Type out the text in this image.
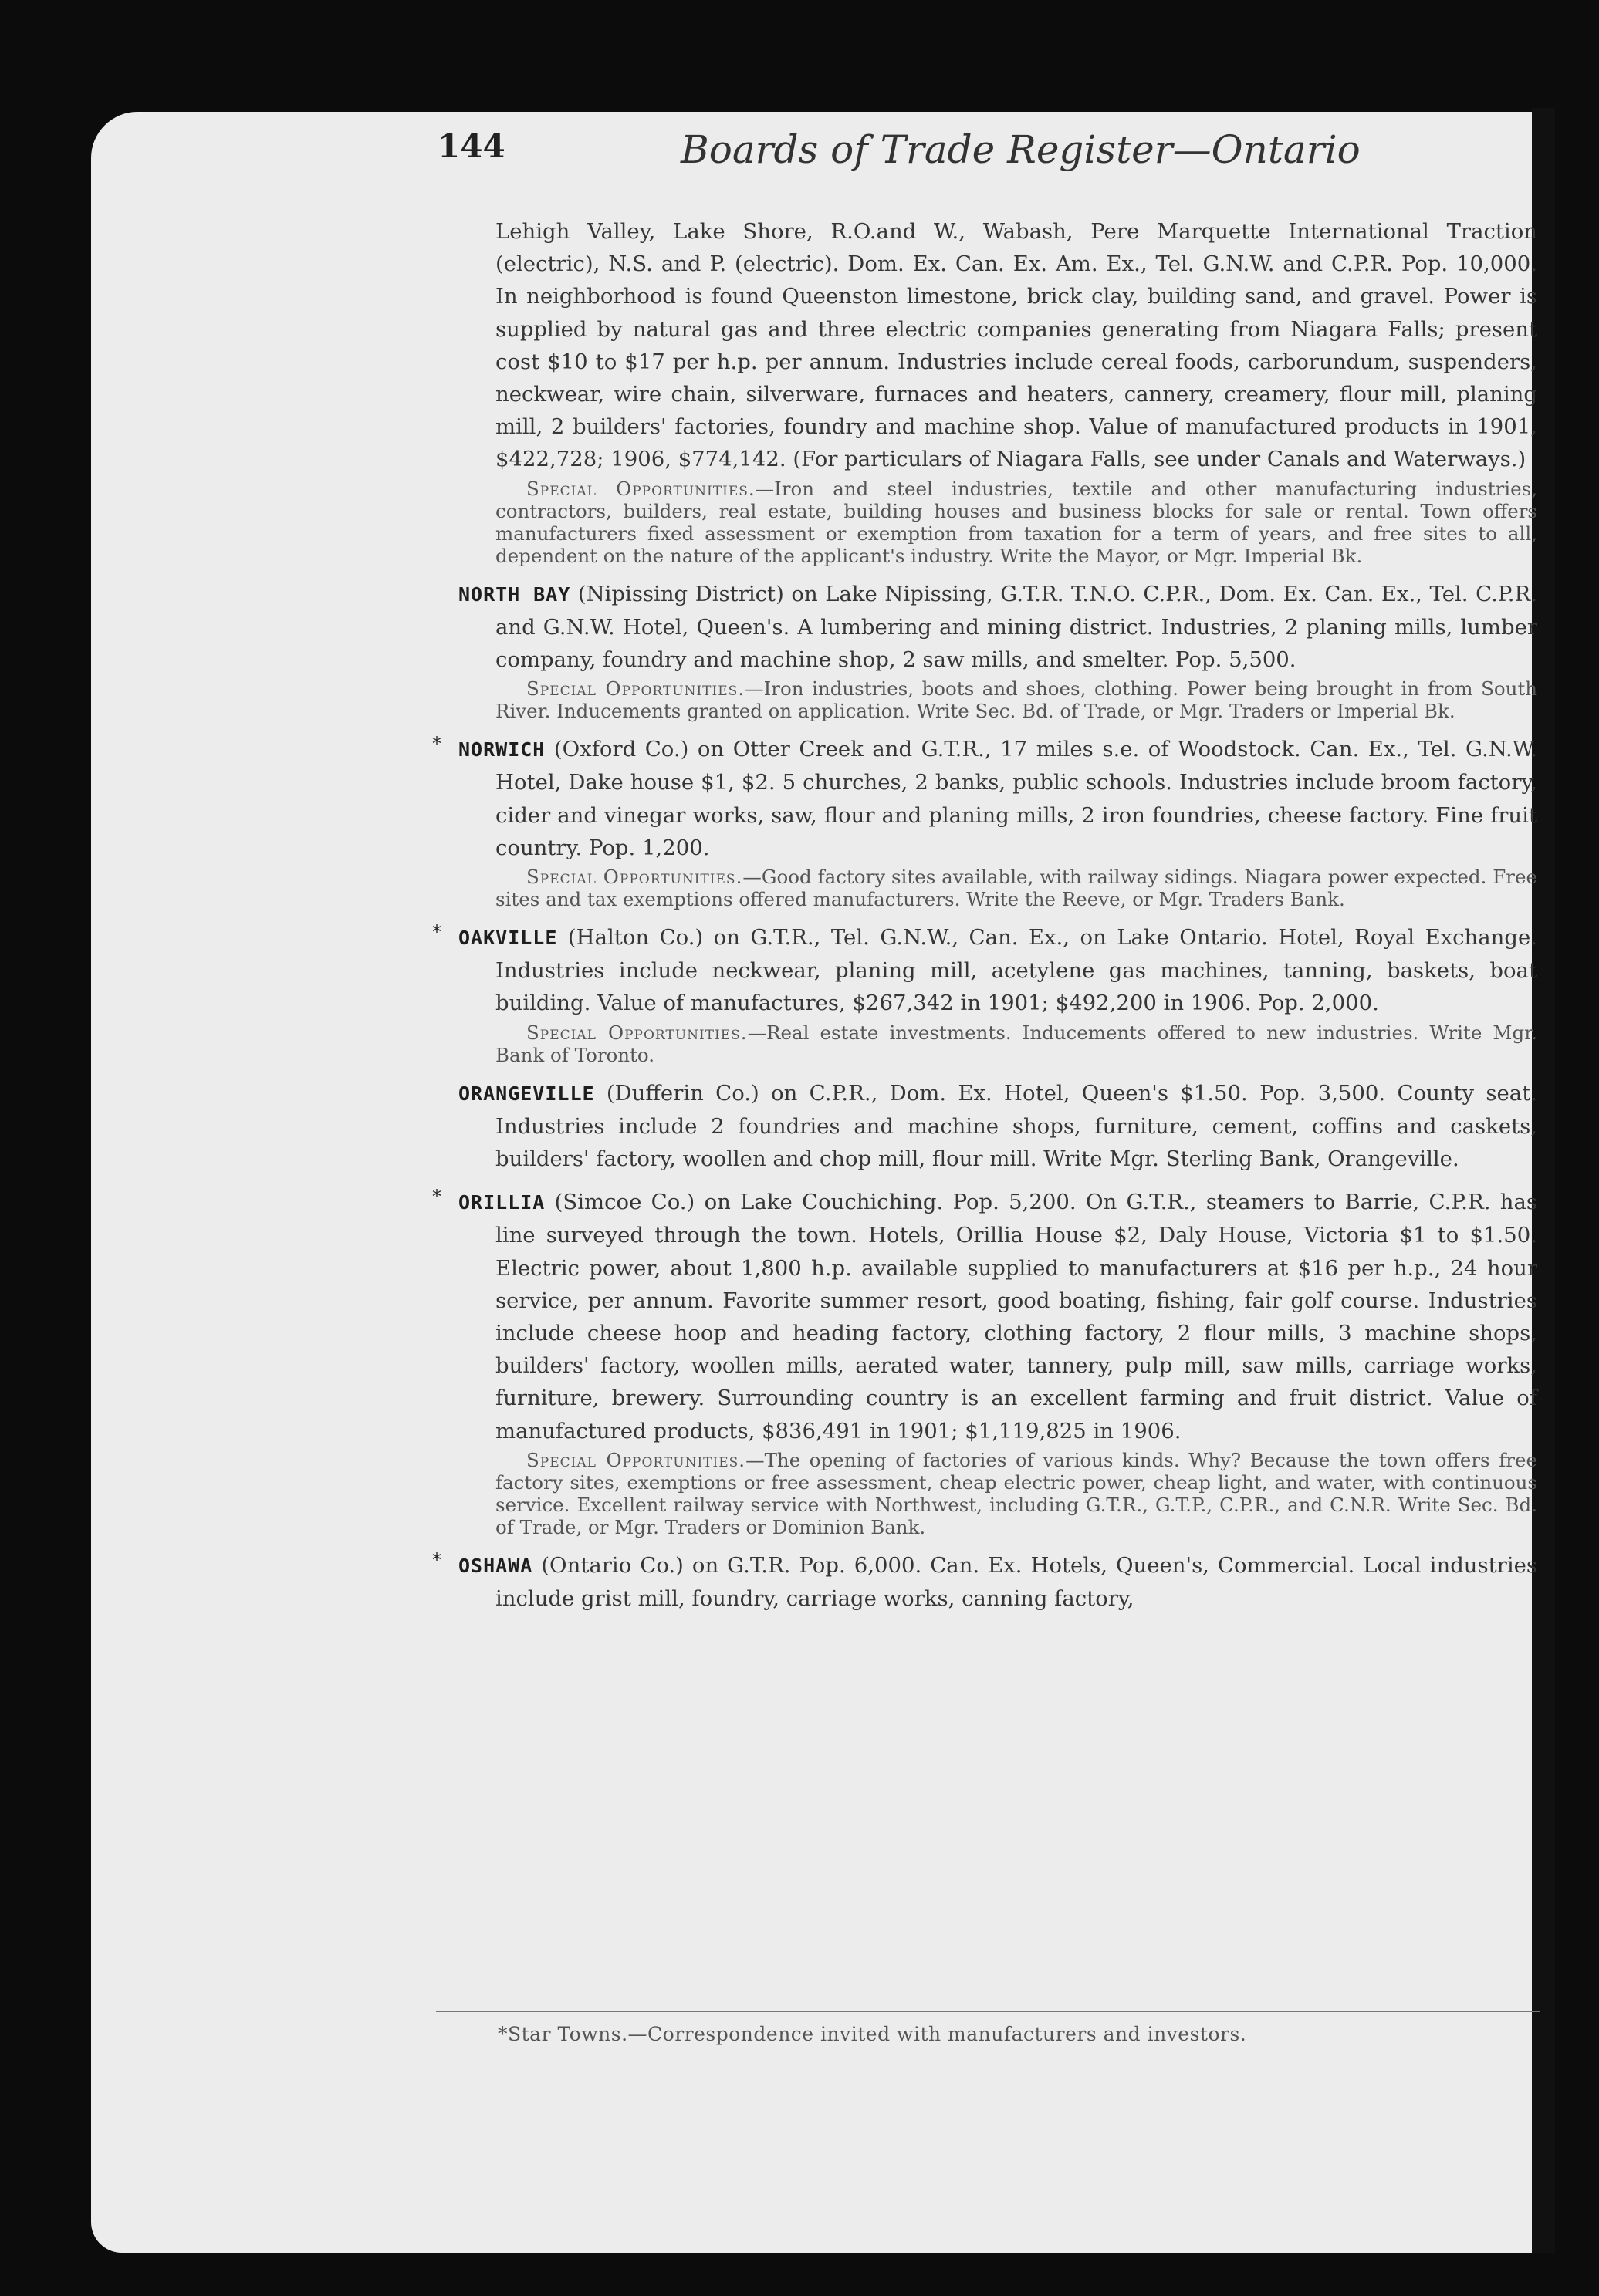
144	Boards of Trade Register—Ontario

Lehigh Valley, Lake Shore, R.O.and W., Wabash, Pere Marquette International Traction (electric), N.S. and P. (electric). Dom. Ex. Can. Ex. Am. Ex., Tel. G.N.W. and C.P.R. Pop. 10,000. In neighborhood is found Queenston limestone, brick clay, building sand, and gravel. Power is supplied by natural gas and three electric companies generating from Niagara Falls; present cost $10 to $17 per h.p. per annum. Industries include cereal foods, carborundum, suspenders, neckwear, wire chain, silverware, furnaces and heaters, cannery, creamery, flour mill, planing mill, 2 builders' factories, foundry and machine shop. Value of manufactured products in 1901, $422,728; 1906, $774,142. (For particulars of Niagara Falls, see under Canals and Waterways.)

Special Opportunities.—Iron and steel industries, textile and other manufacturing industries, contractors, builders, real estate, building houses and business blocks for sale or rental. Town offers manufacturers fixed assessment or exemption from taxation for a term of years, and free sites to all, dependent on the nature of the applicant's industry. Write the Mayor, or Mgr. Imperial Bk.

NORTH BAY (Nipissing District) on Lake Nipissing, G.T.R. T.N.O. C.P.R., Dom. Ex. Can. Ex., Tel. C.P.R. and G.N.W. Hotel, Queen's. A lumbering and mining district. Industries, 2 planing mills, lumber company, foundry and machine shop, 2 saw mills, and smelter. Pop. 5,500.

Special Opportunities.—Iron industries, boots and shoes, clothing. Power being brought in from South River. Inducements granted on application. Write Sec. Bd. of Trade, or Mgr. Traders or Imperial Bk.

* NORWICH (Oxford Co.) on Otter Creek and G.T.R., 17 miles s.e. of Woodstock. Can. Ex., Tel. G.N.W. Hotel, Dake house $1, $2. 5 churches, 2 banks, public schools. Industries include broom factory, cider and vinegar works, saw, flour and planing mills, 2 iron foundries, cheese factory. Fine fruit country. Pop. 1,200.

Special Opportunities.—Good factory sites available, with railway sidings. Niagara power expected. Free sites and tax exemptions offered manufacturers. Write the Reeve, or Mgr. Traders Bank.

* OAKVILLE (Halton Co.) on G.T.R., Tel. G.N.W., Can. Ex., on Lake Ontario. Hotel, Royal Exchange. Industries include neckwear, planing mill, acetylene gas machines, tanning, baskets, boat building. Value of manufactures, $267,342 in 1901; $492,200 in 1906. Pop. 2,000.

Special Opportunities.—Real estate investments. Inducements offered to new industries. Write Mgr. Bank of Toronto.

ORANGEVILLE (Dufferin Co.) on C.P.R., Dom. Ex. Hotel, Queen's $1.50. Pop. 3,500. County seat. Industries include 2 foundries and machine shops, furniture, cement, coffins and caskets, builders' factory, woollen and chop mill, flour mill. Write Mgr. Sterling Bank, Orangeville.

* ORILLIA (Simcoe Co.) on Lake Couchiching. Pop. 5,200. On G.T.R., steamers to Barrie, C.P.R. has line surveyed through the town. Hotels, Orillia House $2, Daly House, Victoria $1 to $1.50. Electric power, about 1,800 h.p. available supplied to manufacturers at $16 per h.p., 24 hour service, per annum. Favorite summer resort, good boating, fishing, fair golf course. Industries include cheese hoop and heading factory, clothing factory, 2 flour mills, 3 machine shops, builders' factory, woollen mills, aerated water, tannery, pulp mill, saw mills, carriage works, furniture, brewery. Surrounding country is an excellent farming and fruit district. Value of manufactured products, $836,491 in 1901; $1,119,825 in 1906.

Special Opportunities.—The opening of factories of various kinds. Why? Because the town offers free factory sites, exemptions or free assessment, cheap electric power, cheap light, and water, with continuous service. Excellent railway service with Northwest, including G.T.R., G.T.P., C.P.R., and C.N.R. Write Sec. Bd. of Trade, or Mgr. Traders or Dominion Bank.

* OSHAWA (Ontario Co.) on G.T.R. Pop. 6,000. Can. Ex. Hotels, Queen's, Commercial. Local industries include grist mill, foundry, carriage works, canning factory,

*Star Towns.—Correspondence invited with manufacturers and investors.
